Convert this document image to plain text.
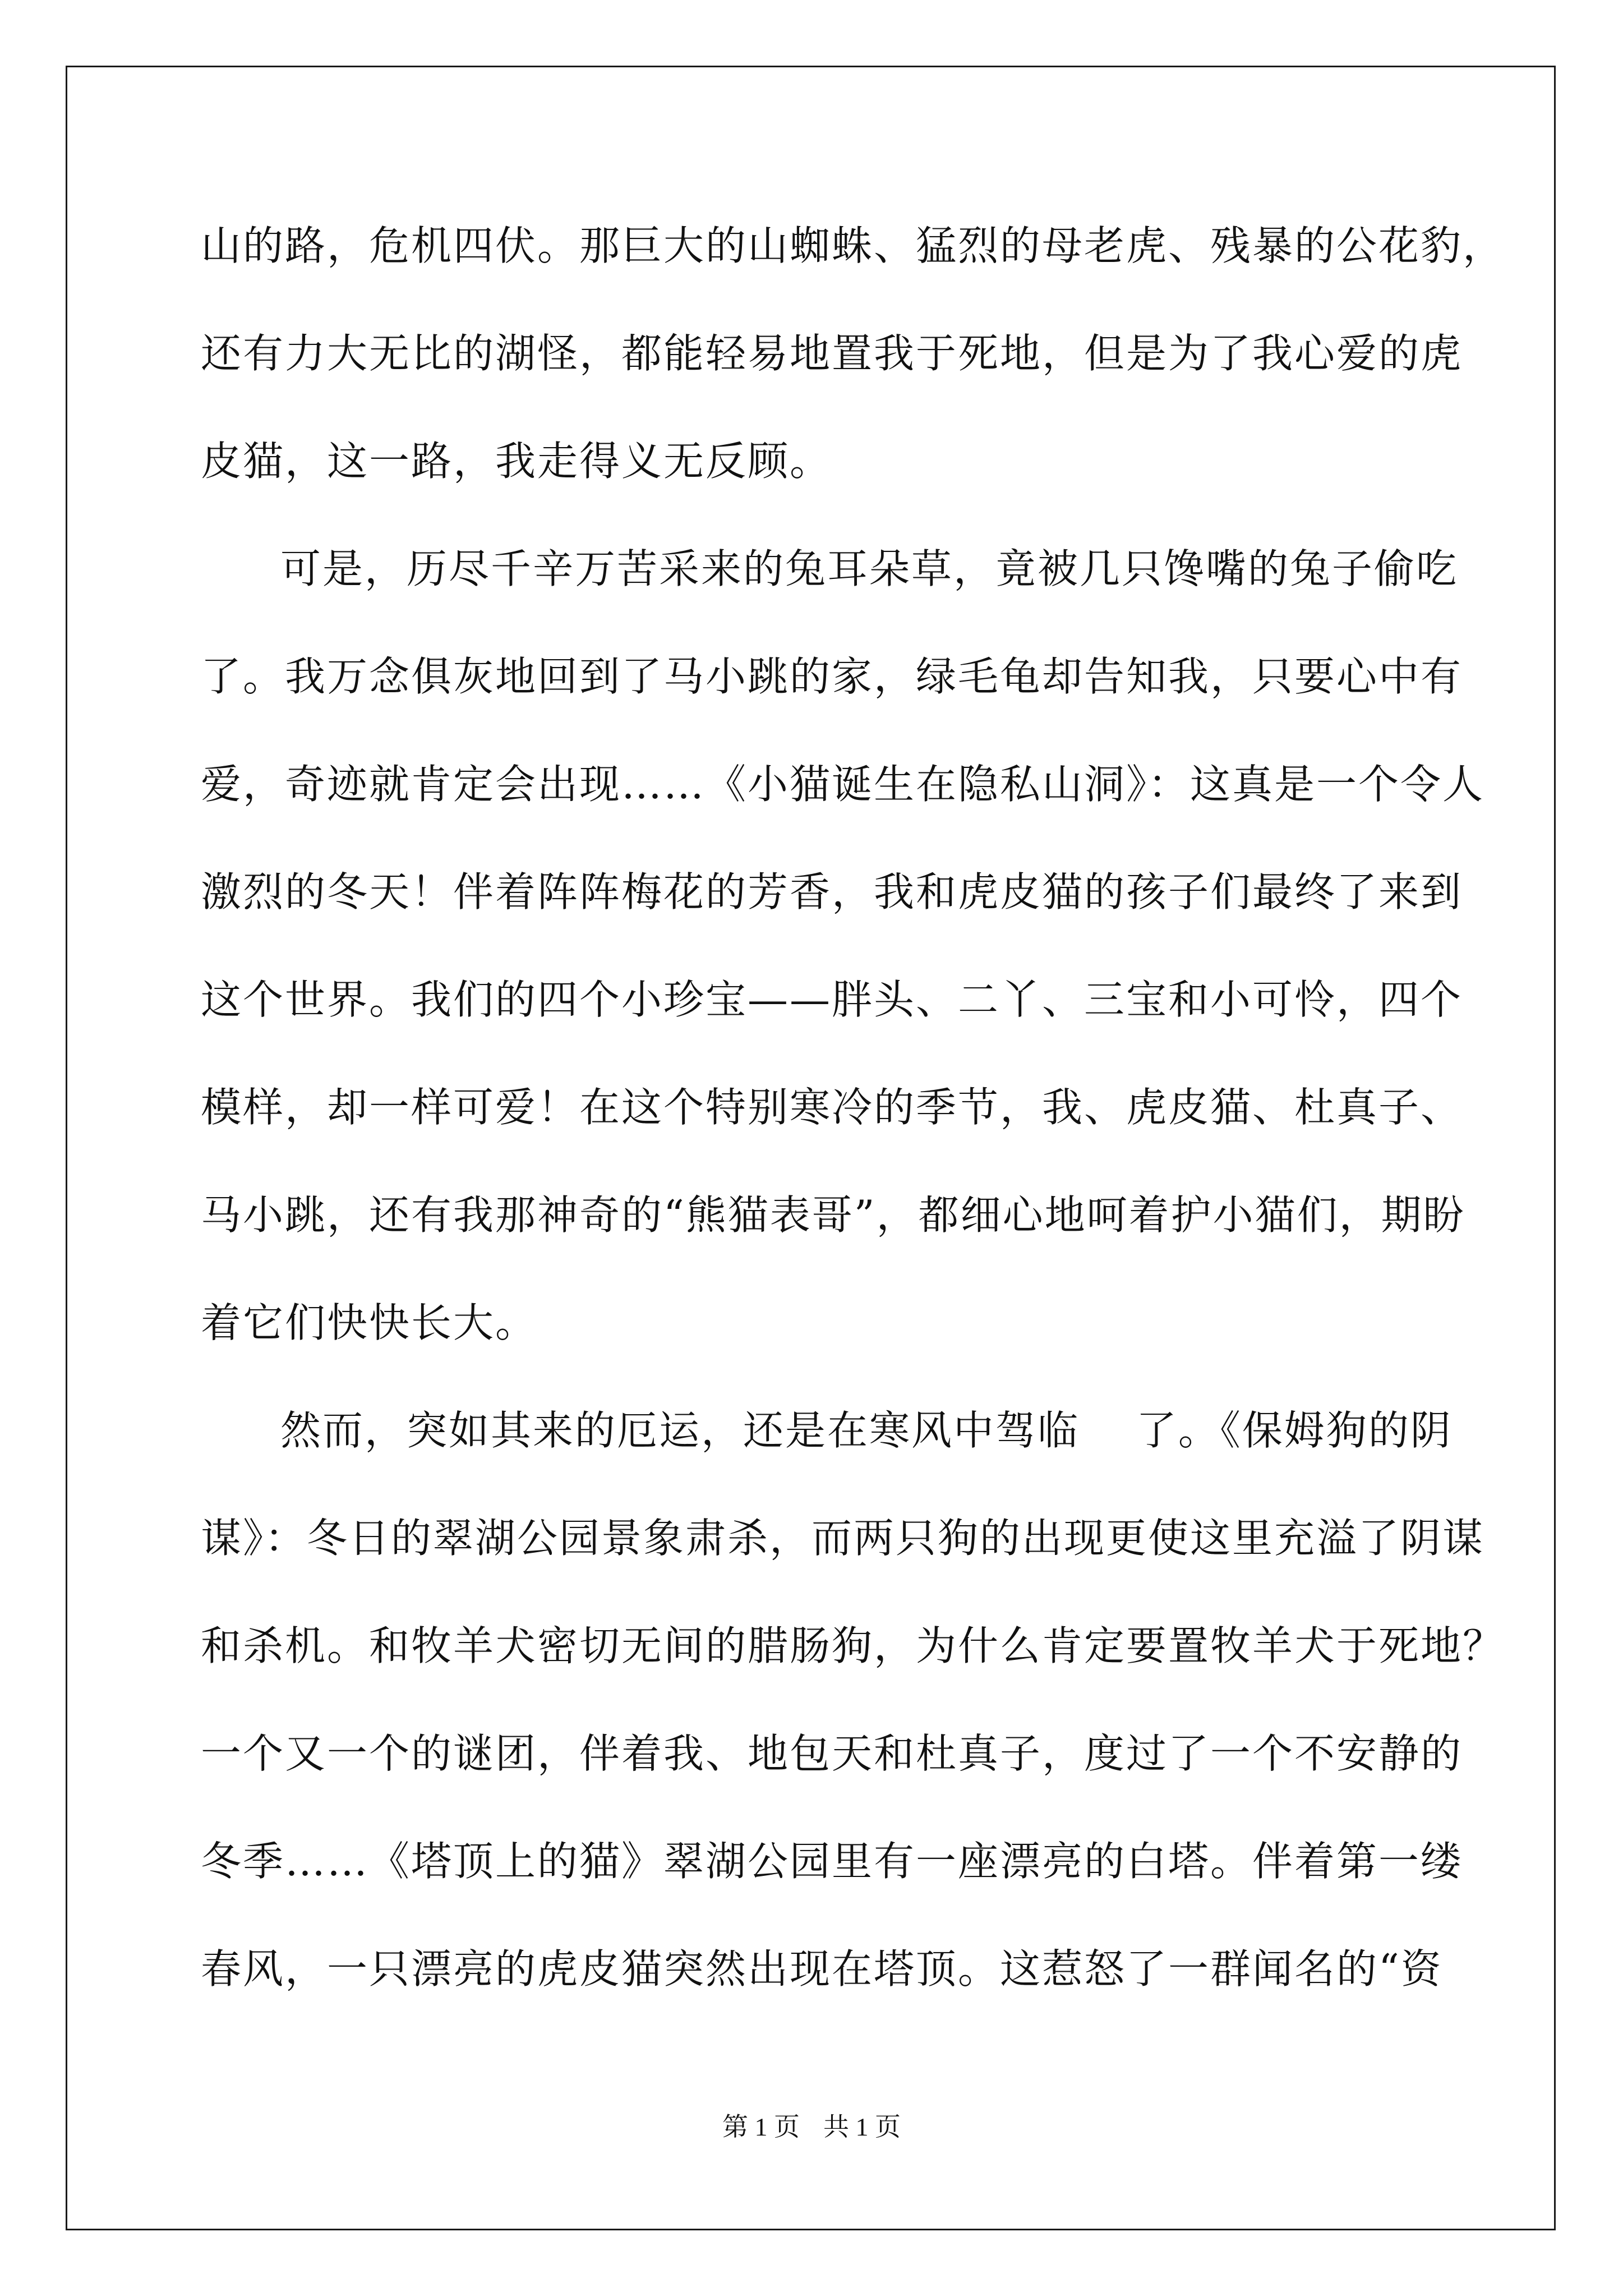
山的路，危机四伏。那巨大的山蜘蛛、猛烈的母老虎、残暴的公花豹，
还有力大无比的湖怪，都能轻易地置我于死地，但是为了我心爱的虎
皮猫，这一路，我走得义无反顾。
可是，历尽千辛万苦采来的兔耳朵草，竟被几只馋嘴的兔子偷吃
了。我万念俱灰地回到了马小跳的家，绿毛龟却告知我，只要心中有
爱，奇迹就肯定会出现……《小猫诞生在隐私山洞》：这真是一个令人
激烈的冬天！伴着阵阵梅花的芳香，我和虎皮猫的孩子们最终了来到
这个世界。我们的四个小珍宝——胖头、二丫、三宝和小可怜，四个
模样，却一样可爱！在这个特别寒冷的季节，我、虎皮猫、杜真子、
马小跳，还有我那神奇的“熊猫表哥”，都细心地呵着护小猫们，期盼
着它们快快长大。
然而，突如其来的厄运，还是在寒风中驾临　 了。《保姆狗的阴
谋》：冬日的翠湖公园景象肃杀，而两只狗的出现更使这里充溢了阴谋
和杀机。和牧羊犬密切无间的腊肠狗，为什么肯定要置牧羊犬于死地？
一个又一个的谜团，伴着我、地包天和杜真子，度过了一个不安静的
冬季……《塔顶上的猫》翠湖公园里有一座漂亮的白塔。伴着第一缕
春风，一只漂亮的虎皮猫突然出现在塔顶。这惹怒了一群闻名的“资
第 1 页 共 1 页
